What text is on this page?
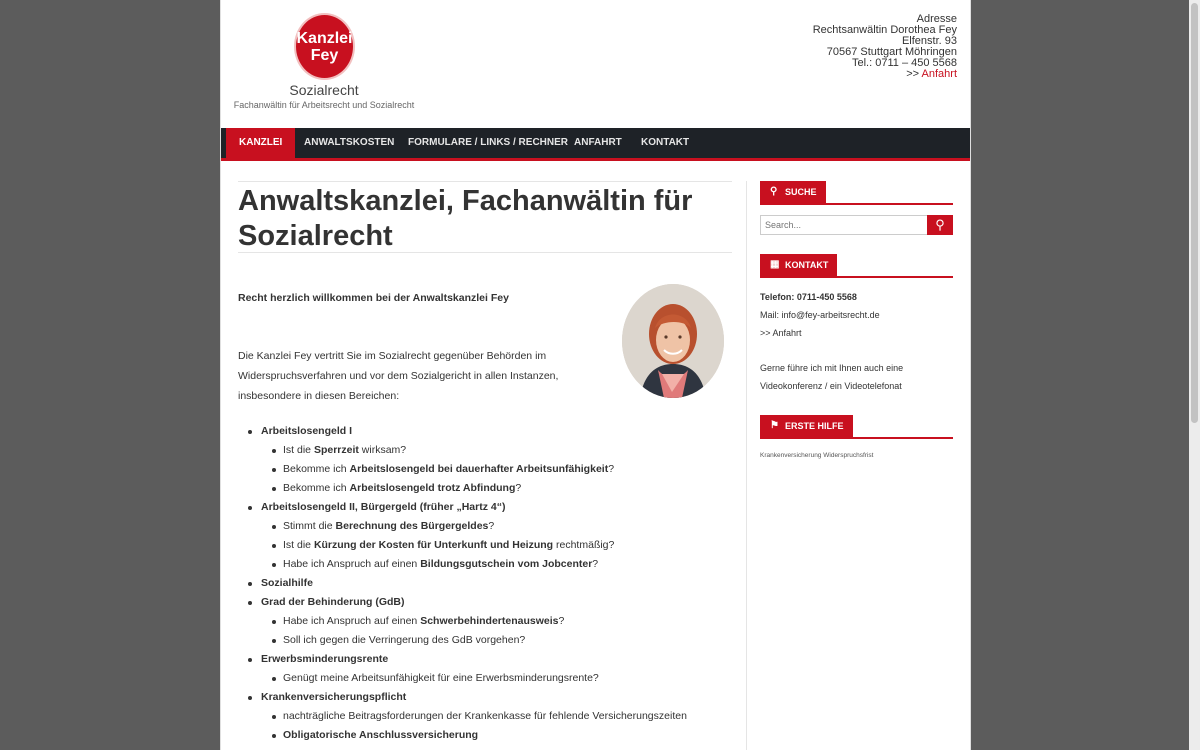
Kanzlei
Fey
Sozialrecht
Fachanwältin für Arbeitsrecht und Sozialrecht
Adresse
Rechtsanwältin Dorothea Fey
Elfenstr. 93
70567 Stuttgart Möhringen
Tel.: 0711 – 450 5568
>> Anfahrt
KANZLEI	ANWALTSKOSTEN	FORMULARE / LINKS / RECHNER ANFAHRT	KONTAKT
Anwaltskanzlei, Fachanwältin für Sozialrecht
Recht herzlich willkommen bei der Anwaltskanzlei Fey

Die Kanzlei Fey vertritt Sie im Sozialrecht gegenüber Behörden im Widerspruchsverfahren und vor dem Sozialgericht in allen Instanzen, insbesondere in diesen Bereichen:

Arbeitslosengeld I
Ist die Sperrzeit wirksam?
Bekomme ich Arbeitslosengeld bei dauerhafter Arbeitsunfähigkeit?
Bekomme ich Arbeitslosengeld trotz Abfindung?
Arbeitslosengeld II, Bürgergeld (früher „Hartz 4“)
Stimmt die Berechnung des Bürgergeldes?
Ist die Kürzung der Kosten für Unterkunft und Heizung rechtmäßig?
Habe ich Anspruch auf einen Bildungsgutschein vom Jobcenter?
Sozialhilfe
Grad der Behinderung (GdB)
Habe ich Anspruch auf einen Schwerbehindertenausweis?
Soll ich gegen die Verringerung des GdB vorgehen?
Erwerbsminderungsrente
Genügt meine Arbeitsunfähigkeit für eine Erwerbsminderungsrente?
Krankenversicherungspflicht
nachträgliche Beitragsforderungen der Krankenkasse für fehlende Versicherungszeiten
Obligatorische Anschlussversicherung
⚲ SUCHE
Search...
⚲
▦ KONTAKT
Telefon: 0711-450 5568
Mail: info@fey-arbeitsrecht.de
>> Anfahrt
Gerne führe ich mit Ihnen auch eine
Videokonferenz / ein Videotelefonat
⚑ ERSTE HILFE
Krankenversicherung Widerspruchsfrist
